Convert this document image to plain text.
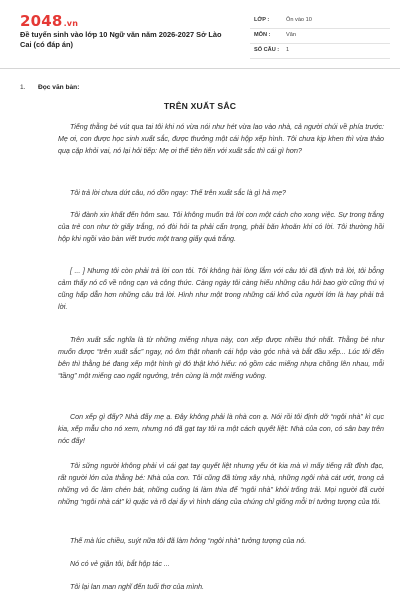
2048.vn
Đề tuyển sinh vào lớp 10 Ngữ văn năm 2026-2027 Sở Lào Cai (có đáp án)
LỚP :	Ôn vào 10
MÔN :	Văn
SỐ CÂU : 1
1. Đọc văn bản:
TRÊN XUẤT SẮC

Tiếng thằng bé vút qua tai tôi khi nó vừa nói như hét vừa lao vào nhà, cả người chúi về phía trước: Mẹ ơi, con được học sinh xuất sắc, được thưởng một cái hộp xếp hình. Tôi chưa kịp khen thì vừa thảo quạ cặp khỏi vai, nó lại hỏi tiếp: Mẹ ơi thế tiên tiến với xuất sắc thì cái gì hơn?

Tôi trả lời chưa dứt câu, nó dồn ngay: Thế trên xuất sắc là gì hả mẹ?

Tôi đành xin khất đến hôm sau. Tôi không muốn trả lời con một cách cho xong việc. Sự trong trắng của trẻ con như tờ giấy trắng, nó đòi hỏi ta phải cẩn trọng, phải băn khoăn khi có lời. Tôi thường hồi hộp khi ngồi vào bàn viết trước một trang giấy quá trắng.

[ ... ] Nhưng tôi còn phải trả lời con tôi. Tôi không hài lòng lắm với câu tôi đã định trả lời, tôi bỗng cảm thấy nó cố về nông cạn và công thức. Càng ngày tôi càng hiểu những câu hỏi bao giờ cũng thú vị cũng hấp dẫn hơn những câu trả lời. Hình như một trong những cái khổ của người lớn là hay phải trả lời.

Trên xuất sắc nghĩa là từ những miếng nhựa này, con xếp được nhiều thứ nhất. Thằng bé như muốn được “trên xuất sắc” ngay, nó ôm thật nhanh cái hộp vào góc nhà và bắt đầu xếp... Lúc tôi đến bên thì thằng bé đang xếp một hình gì đó thật khó hiểu: nó gồm các miếng nhựa chồng lên nhau, mỗi “tầng” một miếng cao ngất ngưởng, trên cùng là một miếng vuông.

Con xếp gì đấy? Nhà đấy mẹ ạ. Đây không phải là nhà con ạ. Nói rồi tôi định dỡ “ngôi nhà” kì cục kia, xếp mẫu cho nó xem, nhưng nó đã gạt tay tôi ra một cách quyết liệt: Nhà của con, có sân bay trên nóc đấy!

Tôi sững người không phải vì cái gạt tay quyết liệt nhưng yếu ớt kia mà vì mấy tiếng rất đỉnh đạc, rất người lớn của thằng bé: Nhà của con. Tôi cũng đã từng xây nhà, những ngôi nhà cát ướt, trong cả những vỏ ốc làm chén bát, những cuống lá làm thìa để “ngôi nhà” khỏi trống trải. Mọi người đã cười những “ngôi nhà cát” kì quặc và rõ dại ấy vì hình dáng của chúng chỉ giống mỗi trí tưởng tượng của tôi.

Thế mà lúc chiều, suýt nữa tôi đã làm hỏng “ngôi nhà” tưởng tượng của nó.

Nó có vẻ giận tôi, bắt hộp tác ...

Tôi lại lan man nghĩ đến tuổi thơ của mình.
